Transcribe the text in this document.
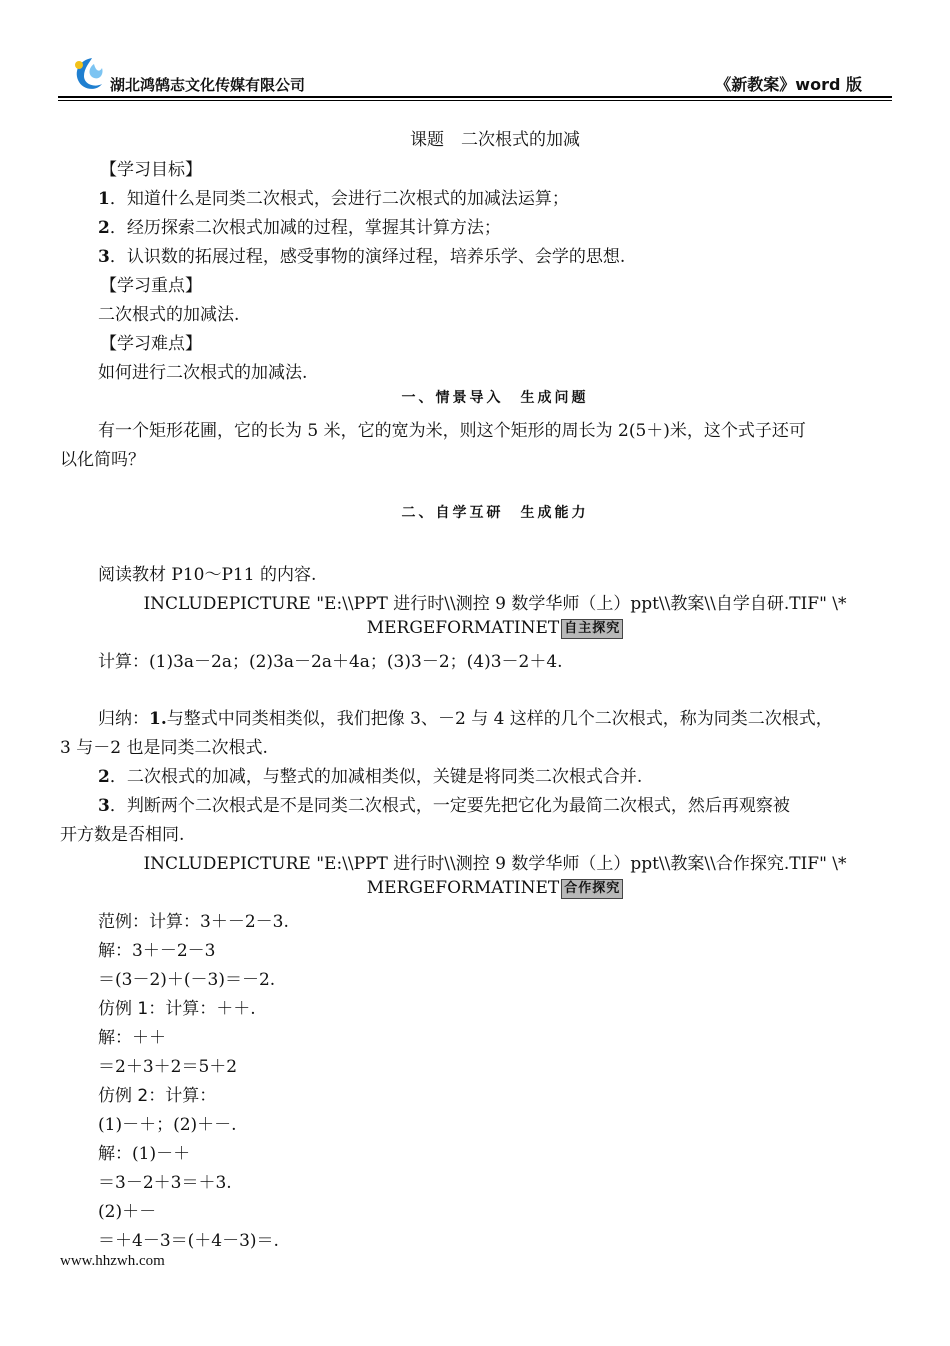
湖北鸿鹄志文化传媒有限公司	《新教案》word 版
课题　二次根式的加减
【学习目标】
1．知道什么是同类二次根式，会进行二次根式的加减法运算；
2．经历探索二次根式加减的过程，掌握其计算方法；
3．认识数的拓展过程，感受事物的演绎过程，培养乐学、会学的思想.
【学习重点】
二次根式的加减法.
【学习难点】
如何进行二次根式的加减法.
一、情景导入　生成问题
有一个矩形花圃，它的长为 5 米，它的宽为米，则这个矩形的周长为 2(5＋)米，这个式子还可
以化简吗？
二、自学互研　生成能力
阅读教材 P10～P11 的内容.
INCLUDEPICTURE "E:\\PPT 进行时\\测控 9 数学华师（上）ppt\\教案\\自学自研.TIF" \*
MERGEFORMATINET 自主探究
计算：(1)3a－2a；(2)3a－2a＋4a；(3)3－2；(4)3－2＋4.
归纳：1.与整式中同类相类似，我们把像 3、－2 与 4 这样的几个二次根式，称为同类二次根式，
3 与－2 也是同类二次根式.
2．二次根式的加减，与整式的加减相类似，关键是将同类二次根式合并.
3．判断两个二次根式是不是同类二次根式，一定要先把它化为最简二次根式，然后再观察被
开方数是否相同.
INCLUDEPICTURE "E:\\PPT 进行时\\测控 9 数学华师（上）ppt\\教案\\合作探究.TIF" \*
MERGEFORMATINET 合作探究
范例：计算：3＋－2－3.
解：3＋－2－3
＝(3－2)＋(－3)＝－2.
仿例 1：计算：＋＋.
解：＋＋
＝2＋3＋2＝5＋2
仿例 2：计算：
(1)－＋；(2)＋－.
解：(1)－＋
＝3－2＋3＝＋3.
(2)＋－
＝＋4－3＝(＋4－3)＝.
www.hhzwh.com
